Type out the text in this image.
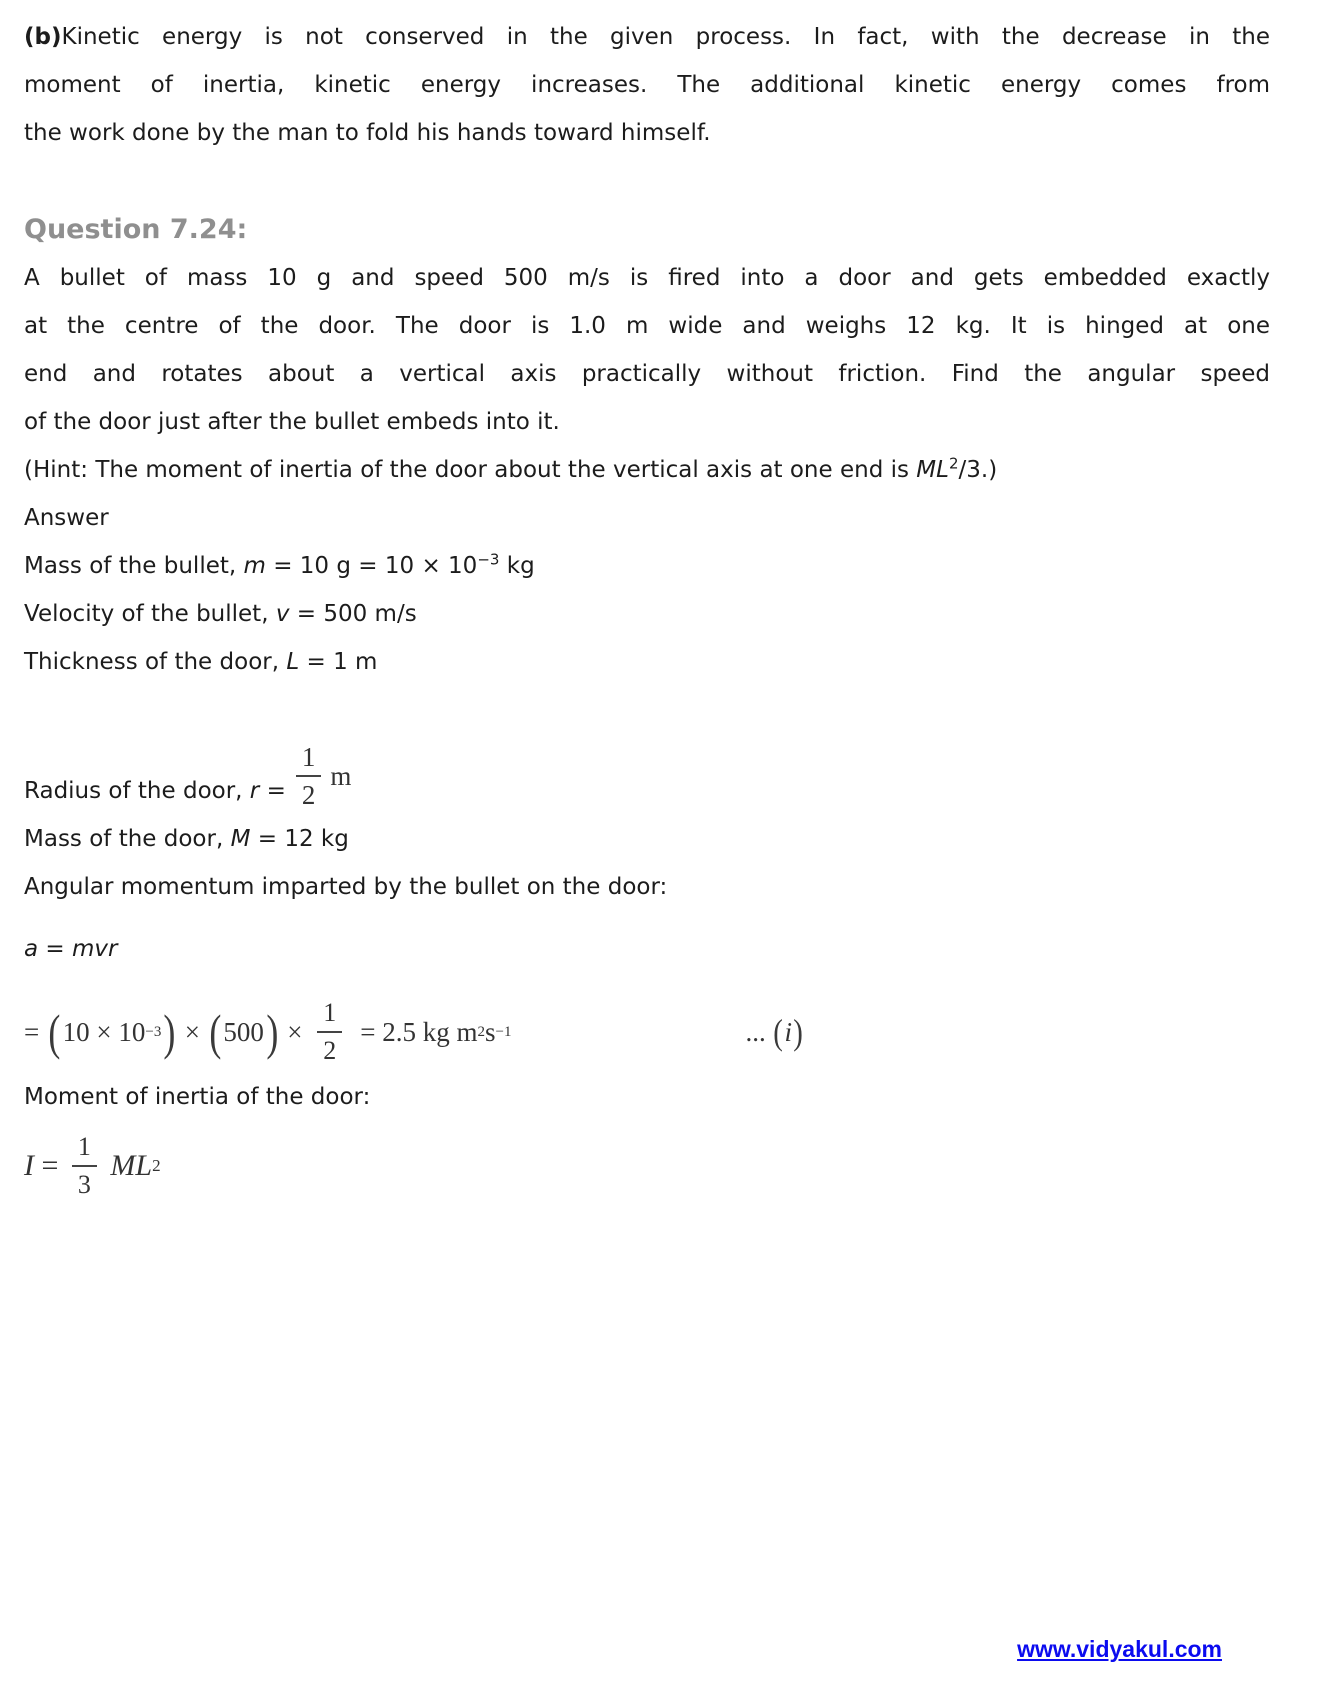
(b)Kinetic energy is not conserved in the given process. In fact, with the decrease in the
moment of inertia, kinetic energy increases. The additional kinetic energy comes from
the work done by the man to fold his hands toward himself.
Question 7.24:
A bullet of mass 10 g and speed 500 m/s is fired into a door and gets embedded exactly
at the centre of the door. The door is 1.0 m wide and weighs 12 kg. It is hinged at one
end and rotates about a vertical axis practically without friction. Find the angular speed
of the door just after the bullet embeds into it.
(Hint: The moment of inertia of the door about the vertical axis at one end is $ML^2/3$.)
Answer
Mass of the bullet, m = 10 $g = 10 \times 10^{-3}$ kg
Velocity of the bullet, v = 500 m/s
Thickness of the door, L = 1 m
Radius of the door, $r = \frac{1}{2}$ m
Mass of the door, M = 12 kg
Angular momentum imparted by the bullet on the door:
a = mvr
= ( 10 × 10 −3 ) × ( 500 ) × $\frac{1}{2} = 2.5$ kg m 2 s −1	... ( i )
Moment of inertia of the door:
$I = \frac{1}{3}$ ML 2
www.vidyakul.com
